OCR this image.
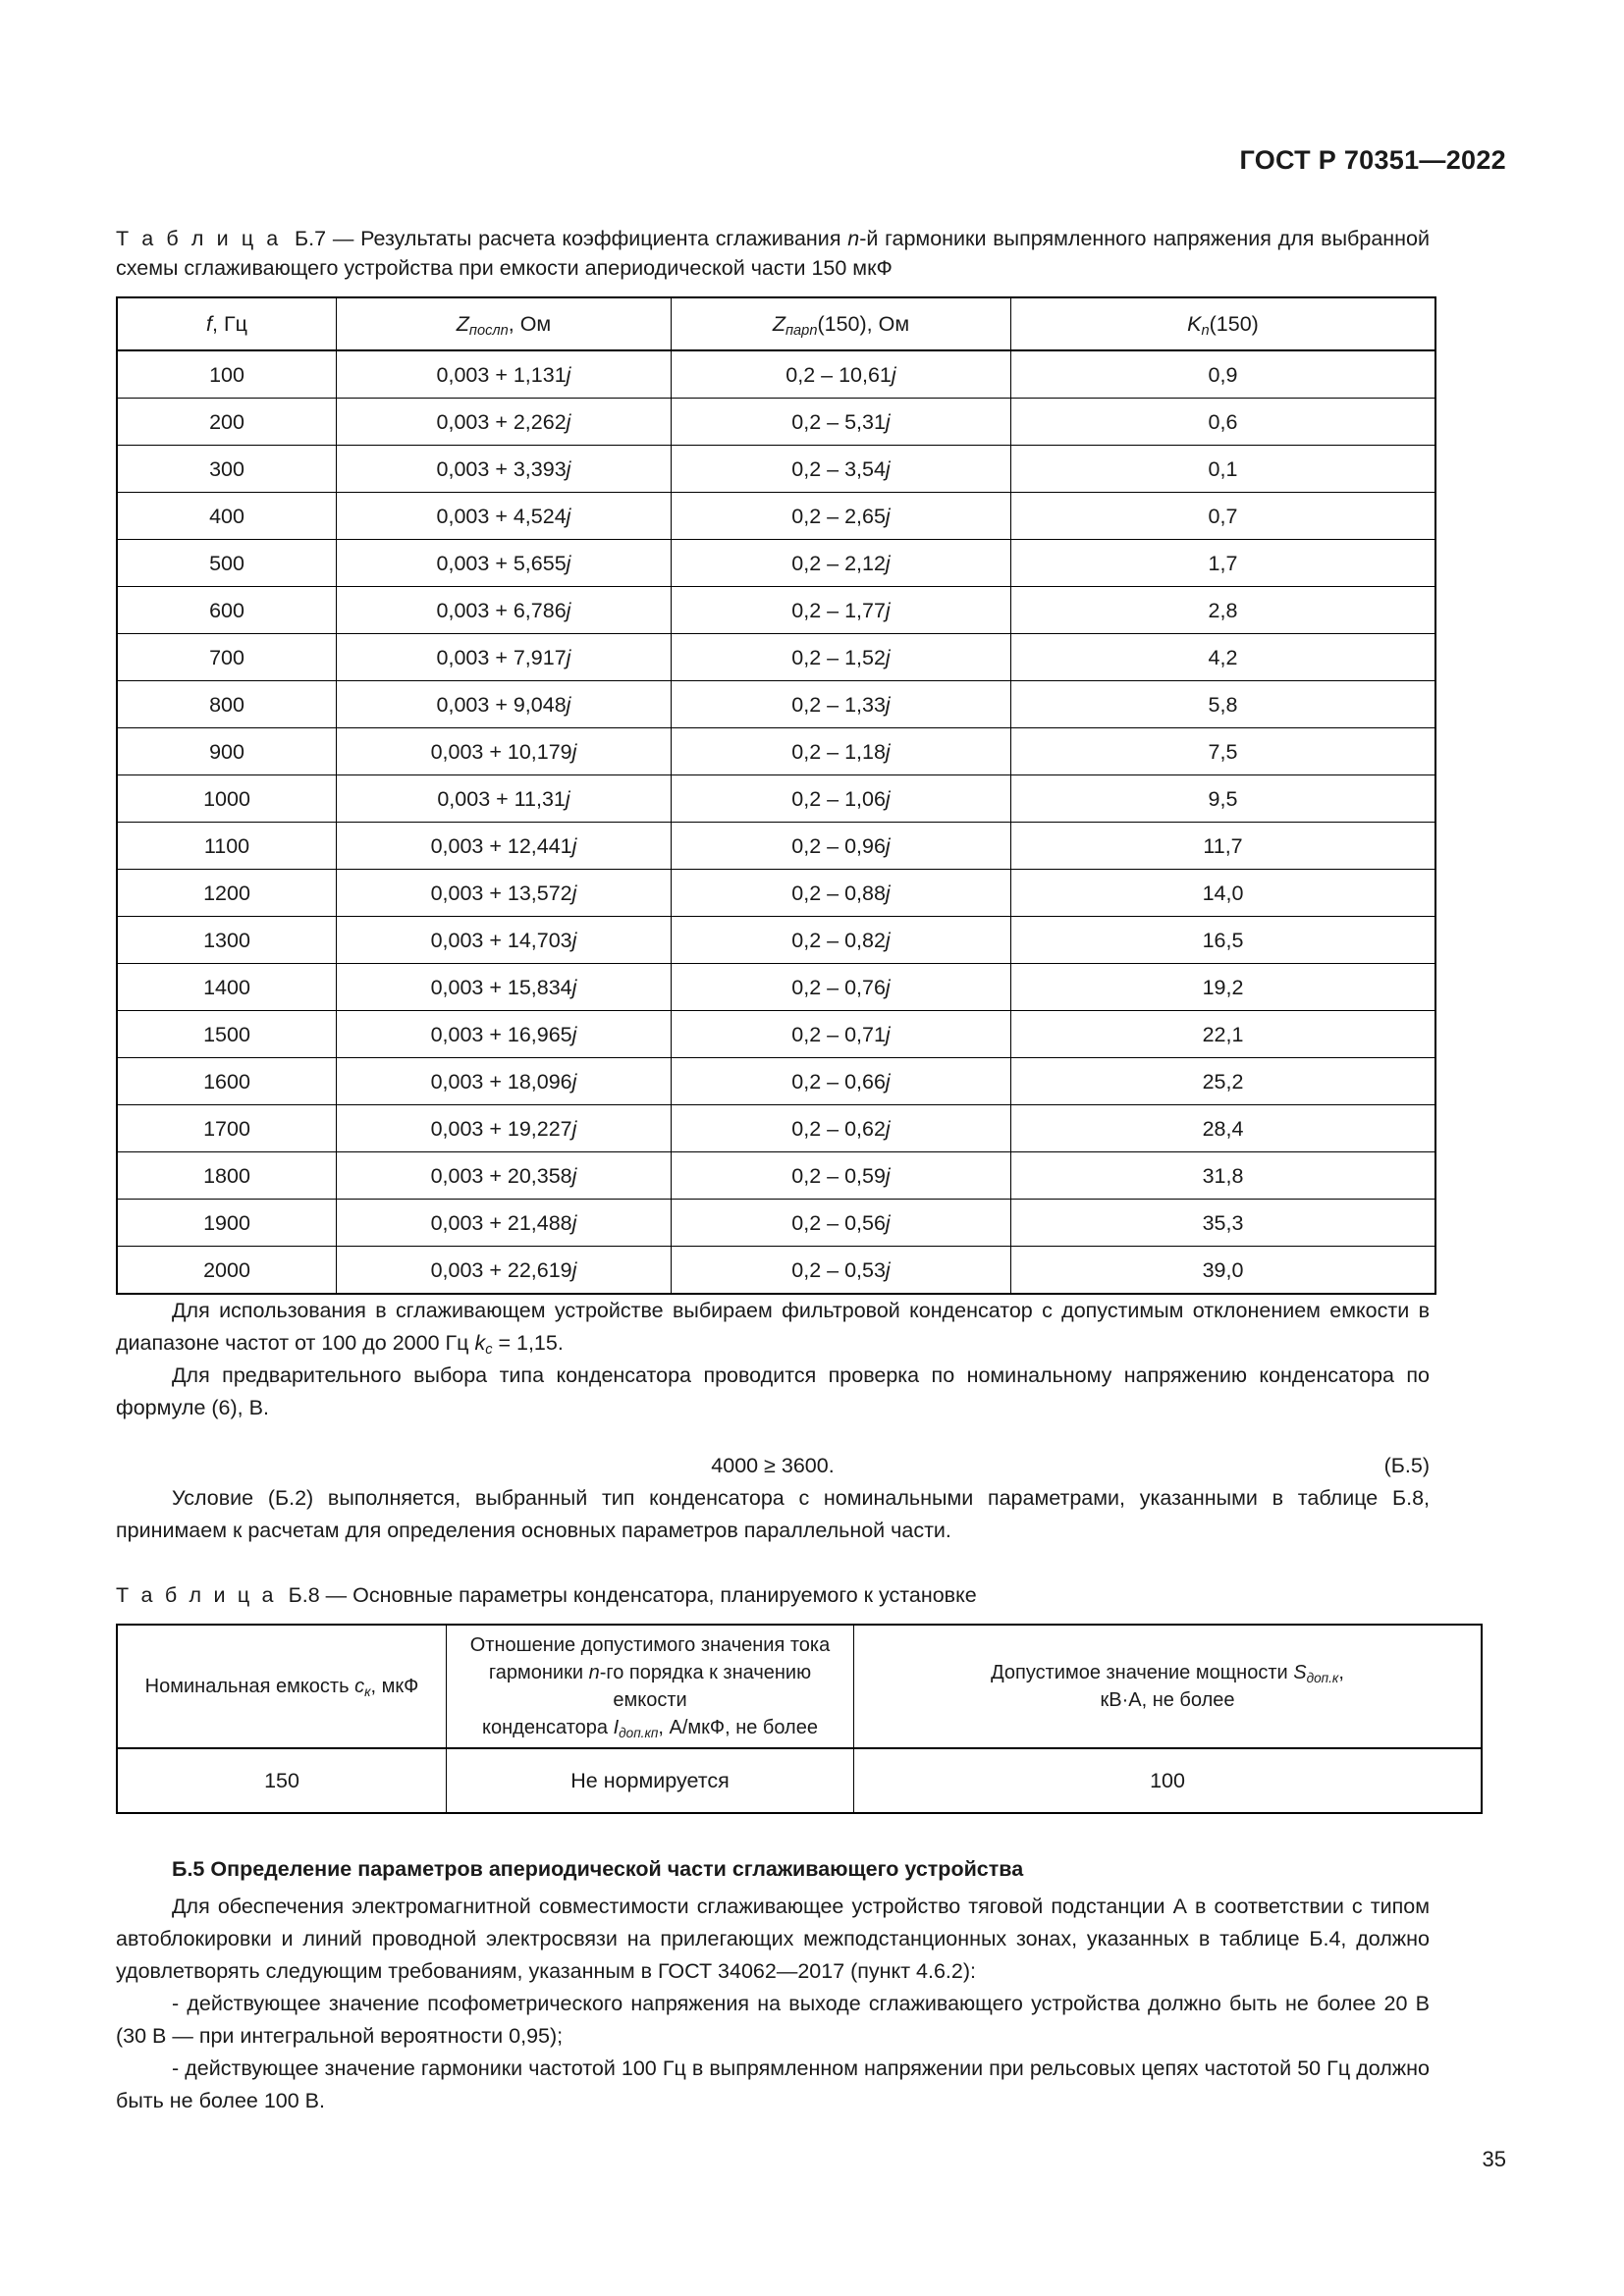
ГОСТ Р 70351—2022

Т а б л и ц а Б.7 — Результаты расчета коэффициента сглаживания n-й гармоники выпрямленного напряжения для выбранной схемы сглаживающего устройства при емкости апериодической части 150 мкФ

f, Гц	$Z_{послn}$, Ом	$Z_{парn}(150)$, Ом	$K_n(150)$
100	0,003 + 1,131j	0,2 – 10,61j	0,9
200	0,003 + 2,262j	0,2 – 5,31j	0,6
300	0,003 + 3,393j	0,2 – 3,54j	0,1
400	0,003 + 4,524j	0,2 – 2,65j	0,7
500	0,003 + 5,655j	0,2 – 2,12j	1,7
600	0,003 + 6,786j	0,2 – 1,77j	2,8
700	0,003 + 7,917j	0,2 – 1,52j	4,2
800	0,003 + 9,048j	0,2 – 1,33j	5,8
900	0,003 + 10,179j	0,2 – 1,18j	7,5
1000	0,003 + 11,31j	0,2 – 1,06j	9,5
1100	0,003 + 12,441j	0,2 – 0,96j	11,7
1200	0,003 + 13,572j	0,2 – 0,88j	14,0
1300	0,003 + 14,703j	0,2 – 0,82j	16,5
1400	0,003 + 15,834j	0,2 – 0,76j	19,2
1500	0,003 + 16,965j	0,2 – 0,71j	22,1
1600	0,003 + 18,096j	0,2 – 0,66j	25,2
1700	0,003 + 19,227j	0,2 – 0,62j	28,4
1800	0,003 + 20,358j	0,2 – 0,59j	31,8
1900	0,003 + 21,488j	0,2 – 0,56j	35,3
2000	0,003 + 22,619j	0,2 – 0,53j	39,0

Для использования в сглаживающем устройстве выбираем фильтровой конденсатор с допустимым отклонением емкости в диапазоне частот от 100 до 2000 Гц $k_с = 1,15$.

Для предварительного выбора типа конденсатора проводится проверка по номинальному напряжению конденсатора по формуле (6), В.

4000 ≥ 3600.	(Б.5)

Условие (Б.2) выполняется, выбранный тип конденсатора с номинальными параметрами, указанными в таблице Б.8, принимаем к расчетам для определения основных параметров параллельной части.

Т а б л и ц а Б.8 — Основные параметры конденсатора, планируемого к установке

Номинальная емкость $c_к$, мкФ	Отношение допустимого значения тока
гармоники n-го порядка к значению емкости
конденсатора $I_{доп.кп}$, А/мкФ, не более	Допустимое значение мощности $S_{доп.к}$,
кВ·А, не более
150	Не нормируется	100
Б.5 Определение параметров апериодической части сглаживающего устройства

Для обеспечения электромагнитной совместимости сглаживающее устройство тяговой подстанции А в соответствии с типом автоблокировки и линий проводной электросвязи на прилегающих межподстанционных зонах, указанных в таблице Б.4, должно удовлетворять следующим требованиям, указанным в ГОСТ 34062—2017 (пункт 4.6.2):

- действующее значение псофометрического напряжения на выходе сглаживающего устройства должно быть не более 20 В (30 В — при интегральной вероятности 0,95);

- действующее значение гармоники частотой 100 Гц в выпрямленном напряжении при рельсовых цепях частотой 50 Гц должно быть не более 100 В.

35
